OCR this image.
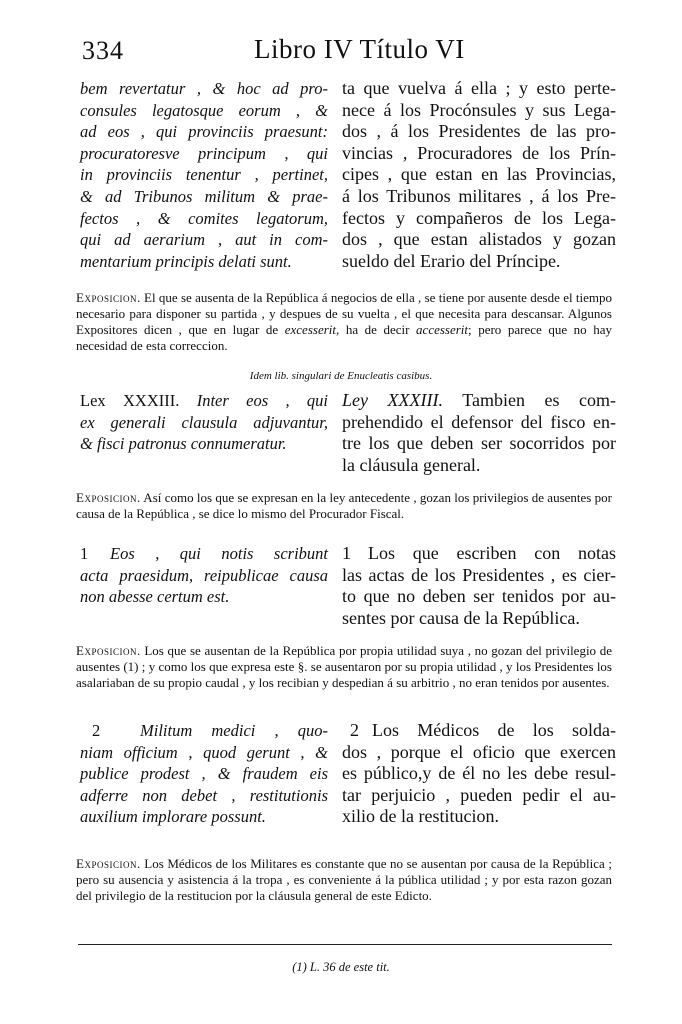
334	Libro IV Título VI
bem revertatur , & hoc ad pro-
consules legatosque eorum , &
ad eos , qui provinciis praesunt:
procuratoresve principum , qui
in provinciis tenentur , pertinet,
& ad Tribunos militum & prae-
fectos , & comites legatorum,
qui ad aerarium , aut in com-
mentarium principis delati sunt.
ta que vuelva á ella ; y esto perte-
nece á los Procónsules y sus Lega-
dos , á los Presidentes de las pro-
vincias , Procuradores de los Prín-
cipes , que estan en las Provincias,
á los Tribunos militares , á los Pre-
fectos y compañeros de los Lega-
dos , que estan alistados y gozan
sueldo del Erario del Príncipe.
Exposicion. El que se ausenta de la República á negocios de ella , se tiene por ausente desde el tiempo necesario para disponer su partida , y despues de su vuelta , el que necesita para descansar. Algunos Expositores dicen , que en lugar de excesserit, ha de decir accesserit; pero parece que no hay necesidad de esta correccion.
Idem lib. singulari de Enucleatis casibus.
Lex XXXIII. Inter eos , qui
ex generali clausula adjuvantur,
& fisci patronus connumeratur.
Ley XXXIII. Tambien es com-
prehendido el defensor del fisco en-
tre los que deben ser socorridos por
la cláusula general.
Exposicion. Así como los que se expresan en la ley antecedente , gozan los privilegios de ausentes por causa de la República , se dice lo mismo del Procurador Fiscal.
1 Eos , qui notis scribunt
acta praesidum, reipublicae causa
non abesse certum est.
1 Los que escriben con notas
las actas de los Presidentes , es cier-
to que no deben ser tenidos por au-
sentes por causa de la República.
Exposicion. Los que se ausentan de la República por propia utilidad suya , no gozan del privilegio de ausentes (1) ; y como los que expresa este §. se ausentaron por su propia utilidad , y los Presidentes los asalariaban de su propio caudal , y los recibian y despedian á su arbitrio , no eran tenidos por ausentes.
2 Militum medici , quo-
niam officium , quod gerunt , &
publice prodest , & fraudem eis
adferre non debet , restitutionis
auxilium implorare possunt.
2 Los Médicos de los solda-
dos , porque el oficio que exercen
es público,y de él no les debe resul-
tar perjuicio , pueden pedir el au-
xilio de la restitucion.
Exposicion. Los Médicos de los Militares es constante que no se ausentan por causa de la República ; pero su ausencia y asistencia á la tropa , es conveniente á la pública utilidad ; y por esta razon gozan del privilegio de la restitucion por la cláusula general de este Edicto.
(1) L. 36 de este tit.
